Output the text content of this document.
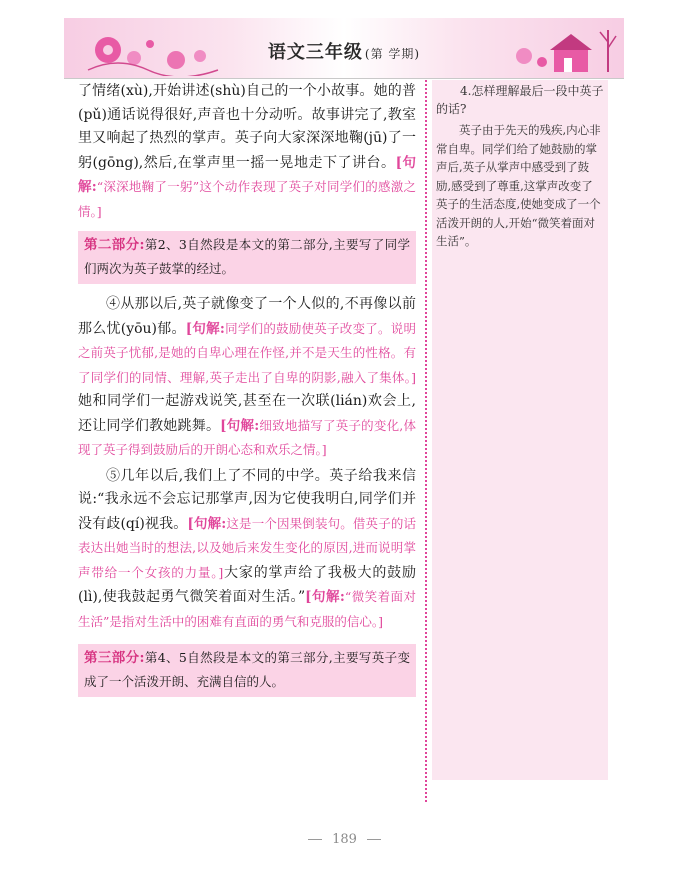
语文三年级 (第 学期)

了情绪(xù),开始讲述(shù)自己的一个小故事。她的普(pǔ)通话说得很好,声音也十分动听。故事讲完了,教室里又响起了热烈的掌声。英子向大家深深地鞠(jū)了一躬(gōng),然后,在掌声里一摇一晃地走下了讲台。[句解:“深深地鞠了一躬”这个动作表现了英子对同学们的感激之情。]

第二部分:第2、3自然段是本文的第二部分,主要写了同学们两次为英子鼓掌的经过。

④从那以后,英子就像变了一个人似的,不再像以前那么忧(yōu)郁。[句解:同学们的鼓励使英子改变了。说明之前英子忧郁,是她的自卑心理在作怪,并不是天生的性格。有了同学们的同情、理解,英子走出了自卑的阴影,融入了集体。]她和同学们一起游戏说笑,甚至在一次联(lián)欢会上,还让同学们教她跳舞。[句解:细致地描写了英子的变化,体现了英子得到鼓励后的开朗心态和欢乐之情。]

⑤几年以后,我们上了不同的中学。英子给我来信说:“我永远不会忘记那掌声,因为它使我明白,同学们并没有歧(qí)视我。[句解:这是一个因果倒装句。借英子的话表达出她当时的想法,以及她后来发生变化的原因,进而说明掌声带给一个女孩的力量。]大家的掌声给了我极大的鼓励(lì),使我鼓起勇气微笑着面对生活。”[句解:“微笑着面对生活”是指对生活中的困难有直面的勇气和克服的信心。]

第三部分:第4、5自然段是本文的第三部分,主要写英子变成了一个活泼开朗、充满自信的人。

4.怎样理解最后一段中英子的话?

英子由于先天的残疾,内心非常自卑。同学们给了她鼓励的掌声后,英子从掌声中感受到了鼓励,感受到了尊重,这掌声改变了英子的生活态度,使她变成了一个活泼开朗的人,开始“微笑着面对生活”。

189
